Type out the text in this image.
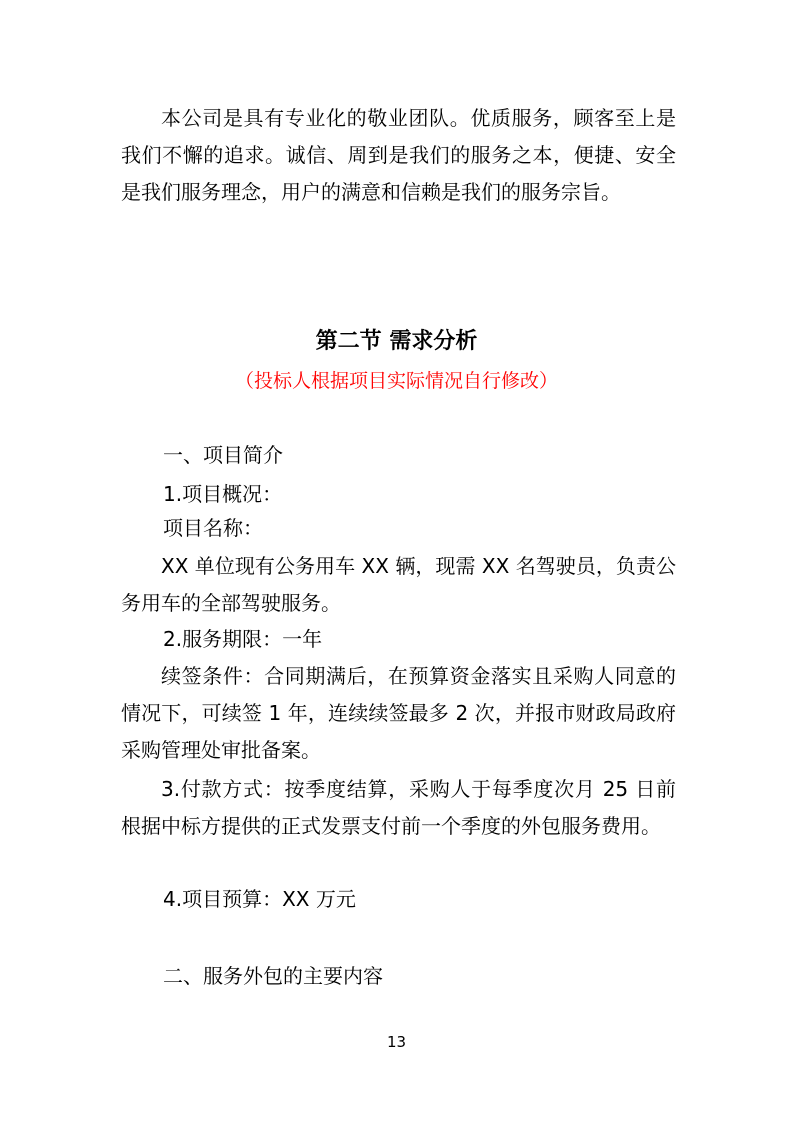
本公司是具有专业化的敬业团队。优质服务，顾客至上是我们不懈的追求。诚信、周到是我们的服务之本，便捷、安全是我们服务理念，用户的满意和信赖是我们的服务宗旨。

第二节 需求分析

（投标人根据项目实际情况自行修改）

一、项目简介

1.项目概况：

项目名称：

XX 单位现有公务用车 XX 辆，现需 XX 名驾驶员，负责公务用车的全部驾驶服务。

2.服务期限：一年

续签条件：合同期满后，在预算资金落实且采购人同意的情况下，可续签 1 年，连续续签最多 2 次，并报市财政局政府采购管理处审批备案。

3.付款方式：按季度结算，采购人于每季度次月 25 日前根据中标方提供的正式发票支付前一个季度的外包服务费用。

4.项目预算：XX 万元

二、服务外包的主要内容

13
